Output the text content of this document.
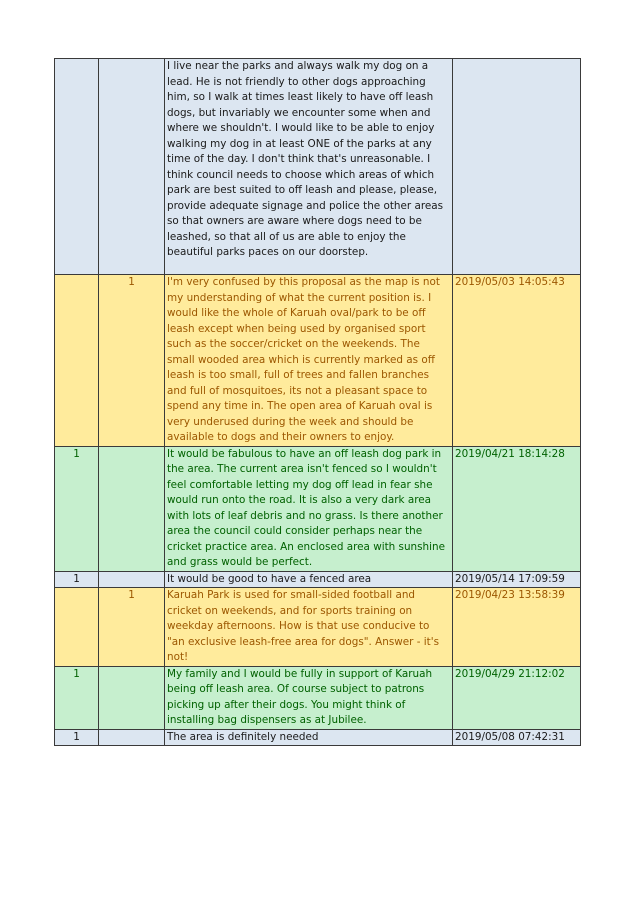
		I live near the parks and always walk my dog on a lead. He is not friendly to other dogs approaching him, so I walk at times least likely to have off leash dogs, but invariably we encounter some when and where we shouldn't. I would like to be able to enjoy walking my dog in at least ONE of the parks at any time of the day. I don't think that's unreasonable. I think council needs to choose which areas of which park are best suited to off leash and please, please, provide adequate signage and police the other areas so that owners are aware where dogs need to be leashed, so that all of us are able to enjoy the beautiful parks paces on our doorstep.	
	1	I'm very confused by this proposal as the map is not my understanding of what the current position is. I would like the whole of Karuah oval/park to be off leash except when being used by organised sport such as the soccer/cricket on the weekends. The small wooded area which is currently marked as off leash is too small, full of trees and fallen branches and full of mosquitoes, its not a pleasant space to spend any time in. The open area of Karuah oval is very underused during the week and should be available to dogs and their owners to enjoy.	2019/05/03 14:05:43
1		It would be fabulous to have an off leash dog park in the area. The current area isn't fenced so I wouldn't feel comfortable letting my dog off lead in fear she would run onto the road. It is also a very dark area with lots of leaf debris and no grass. Is there another area the council could consider perhaps near the cricket practice area. An enclosed area with sunshine and grass would be perfect.	2019/04/21 18:14:28
1		It would be good to have a fenced area	2019/05/14 17:09:59
	1	Karuah Park is used for small-sided football and cricket on weekends, and for sports training on weekday afternoons. How is that use conducive to "an exclusive leash-free area for dogs". Answer - it's not!	2019/04/23 13:58:39
1		My family and I would be fully in support of Karuah being off leash area. Of course subject to patrons picking up after their dogs. You might think of installing bag dispensers as at Jubilee.	2019/04/29 21:12:02
1		The area is definitely needed	2019/05/08 07:42:31
